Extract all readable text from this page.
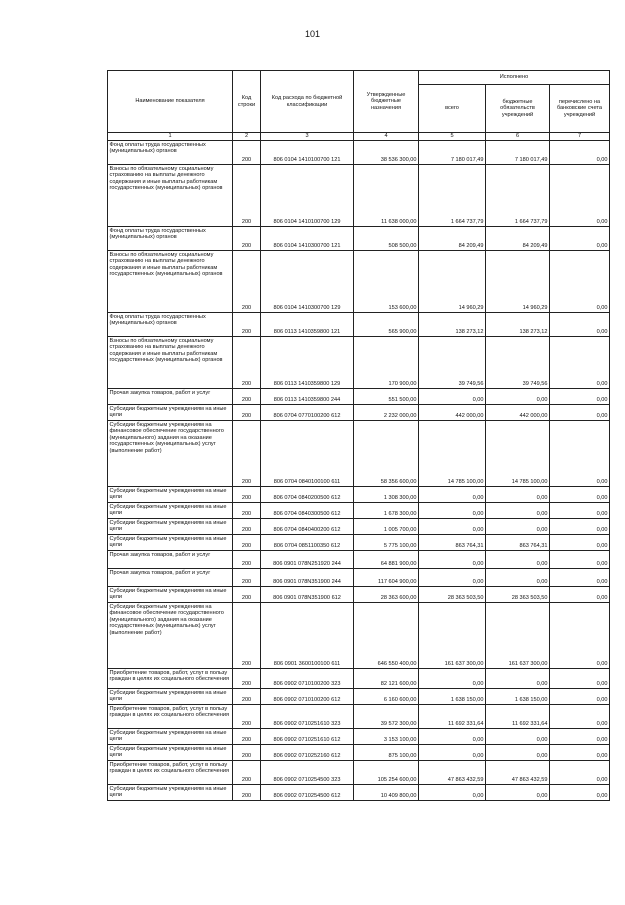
101
Наименование показателя	Код строки	Код расхода по бюджетной классификации	Утвержденные бюджетные назначения	Исполнено		
				всего	бюджетные обязательств учреждений	перечислено на банковские счета учреждений
1	2	3	4	5	6	7
Фонд оплаты труда государственных (муниципальных) органов	200	806 0104 1410100700 121	38 536 300,00	7 180 017,49	7 180 017,49	0,00
Взносы по обязательному социальному страхованию на выплаты денежного содержания и иные выплаты работникам государственных (муниципальных) органов	200	806 0104 1410100700 129	11 638 000,00	1 664 737,79	1 664 737,79	0,00
Фонд оплаты труда государственных (муниципальных) органов	200	806 0104 1410300700 121	508 500,00	84 209,49	84 209,49	0,00
Взносы по обязательному социальному страхованию на выплаты денежного содержания и иные выплаты работникам государственных (муниципальных) органов	200	806 0104 1410300700 129	153 600,00	14 960,29	14 960,29	0,00
Фонд оплаты труда государственных (муниципальных) органов	200	806 0113 1410359800 121	565 900,00	138 273,12	138 273,12	0,00
Взносы по обязательному социальному страхованию на выплаты денежного содержания и иные выплаты работникам государственных (муниципальных) органов	200	806 0113 1410359800 129	170 900,00	39 749,56	39 749,56	0,00
Прочая закупка товаров, работ и услуг	200	806 0113 1410359800 244	551 500,00	0,00	0,00	0,00
Субсидии бюджетным учреждениям на иные цели	200	806 0704 0770100200 612	2 232 000,00	442 000,00	442 000,00	0,00
Субсидии бюджетным учреждениям на финансовое обеспечение государственного (муниципального) задания на оказание государственных (муниципальных) услуг (выполнение работ)	200	806 0704 0840100100 611	58 356 600,00	14 785 100,00	14 785 100,00	0,00
Субсидии бюджетным учреждениям на иные цели	200	806 0704 0840200500 612	1 308 300,00	0,00	0,00	0,00
Субсидии бюджетным учреждениям на иные цели	200	806 0704 0840300500 612	1 678 300,00	0,00	0,00	0,00
Субсидии бюджетным учреждениям на иные цели	200	806 0704 0840400200 612	1 005 700,00	0,00	0,00	0,00
Субсидии бюджетным учреждениям на иные цели	200	806 0704 0851100350 612	5 775 100,00	863 764,31	863 764,31	0,00
Прочая закупка товаров, работ и услуг	200	806 0901 078N251920 244	64 881 900,00	0,00	0,00	0,00
Прочая закупка товаров, работ и услуг	200	806 0901 078N351900 244	117 604 900,00	0,00	0,00	0,00
Субсидии бюджетным учреждениям на иные цели	200	806 0901 078N351900 612	28 363 600,00	28 363 503,50	28 363 503,50	0,00
Субсидии бюджетным учреждениям на финансовое обеспечение государственного (муниципального) задания на оказание государственных (муниципальных) услуг (выполнение работ)	200	806 0901 3600100100 611	646 550 400,00	161 637 300,00	161 637 300,00	0,00
Приобретение товаров, работ, услуг в пользу граждан в целях их социального обеспечения	200	806 0902 0710100200 323	82 121 600,00	0,00	0,00	0,00
Субсидии бюджетным учреждениям на иные цели	200	806 0902 0710100200 612	6 160 600,00	1 638 150,00	1 638 150,00	0,00
Приобретение товаров, работ, услуг в пользу граждан в целях их социального обеспечения	200	806 0902 0710251610 323	39 572 300,00	11 692 331,64	11 692 331,64	0,00
Субсидии бюджетным учреждениям на иные цели	200	806 0902 0710251610 612	3 153 100,00	0,00	0,00	0,00
Субсидии бюджетным учреждениям на иные цели	200	806 0902 0710252160 612	875 100,00	0,00	0,00	0,00
Приобретение товаров, работ, услуг в пользу граждан в целях их социального обеспечения	200	806 0902 0710254500 323	105 254 600,00	47 863 432,59	47 863 432,59	0,00
Субсидии бюджетным учреждениям на иные цели	200	806 0902 0710254500 612	10 409 800,00	0,00	0,00	0,00
